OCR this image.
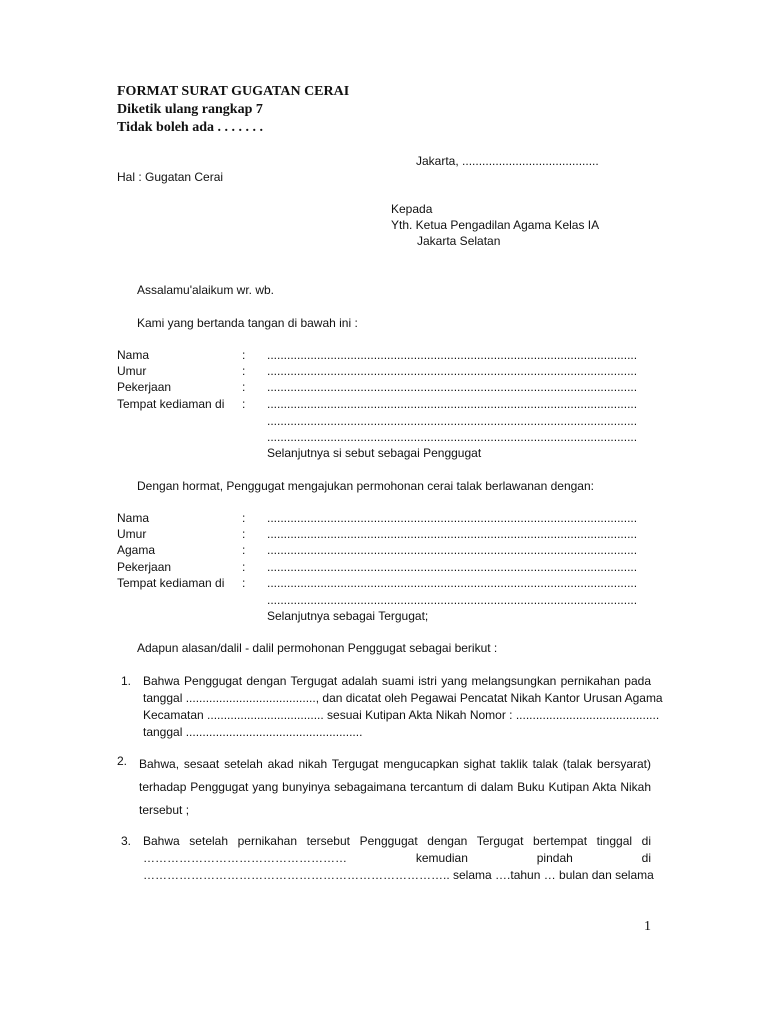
FORMAT SURAT GUGATAN CERAI
Diketik ulang rangkap 7
Tidak boleh ada . . . . . . .
Jakarta, .........................................
Hal : Gugatan Cerai
Kepada
Yth. Ketua Pengadilan Agama Kelas IA
Jakarta Selatan
Assalamu'alaikum wr. wb.
Kami yang bertanda tangan di bawah ini :
Nama	: ...............................................................................................................
Umur	: ...............................................................................................................
Pekerjaan	: ...............................................................................................................
Tempat kediaman di : ...............................................................................................................
...............................................................................................................
...............................................................................................................
Selanjutnya si sebut sebagai Penggugat
Dengan hormat, Penggugat mengajukan permohonan cerai talak berlawanan dengan:
Nama	: ...............................................................................................................
Umur	: ...............................................................................................................
Agama	: ...............................................................................................................
Pekerjaan	: ...............................................................................................................
Tempat kediaman di : ...............................................................................................................
...............................................................................................................
Selanjutnya sebagai Tergugat;
Adapun alasan/dalil - dalil permohonan Penggugat sebagai berikut :
1. Bahwa Penggugat dengan Tergugat adalah suami istri yang melangsungkan pernikahan pada
tanggal ......................................., dan dicatat oleh Pegawai Pencatat Nikah Kantor Urusan Agama
Kecamatan ................................... sesuai Kutipan Akta Nikah Nomor : ...........................................
tanggal .....................................................
2. Bahwa, sesaat setelah akad nikah Tergugat mengucapkan sighat taklik talak (talak bersyarat)
terhadap Penggugat yang bunyinya sebagaimana tercantum di dalam Buku Kutipan Akta Nikah
tersebut ;
3. Bahwa setelah pernikahan tersebut Penggugat dengan Tergugat bertempat tinggal di
…………………………………………… kemudian pindah di
………………………………………………………………….. selama ….tahun … bulan dan selama
1
